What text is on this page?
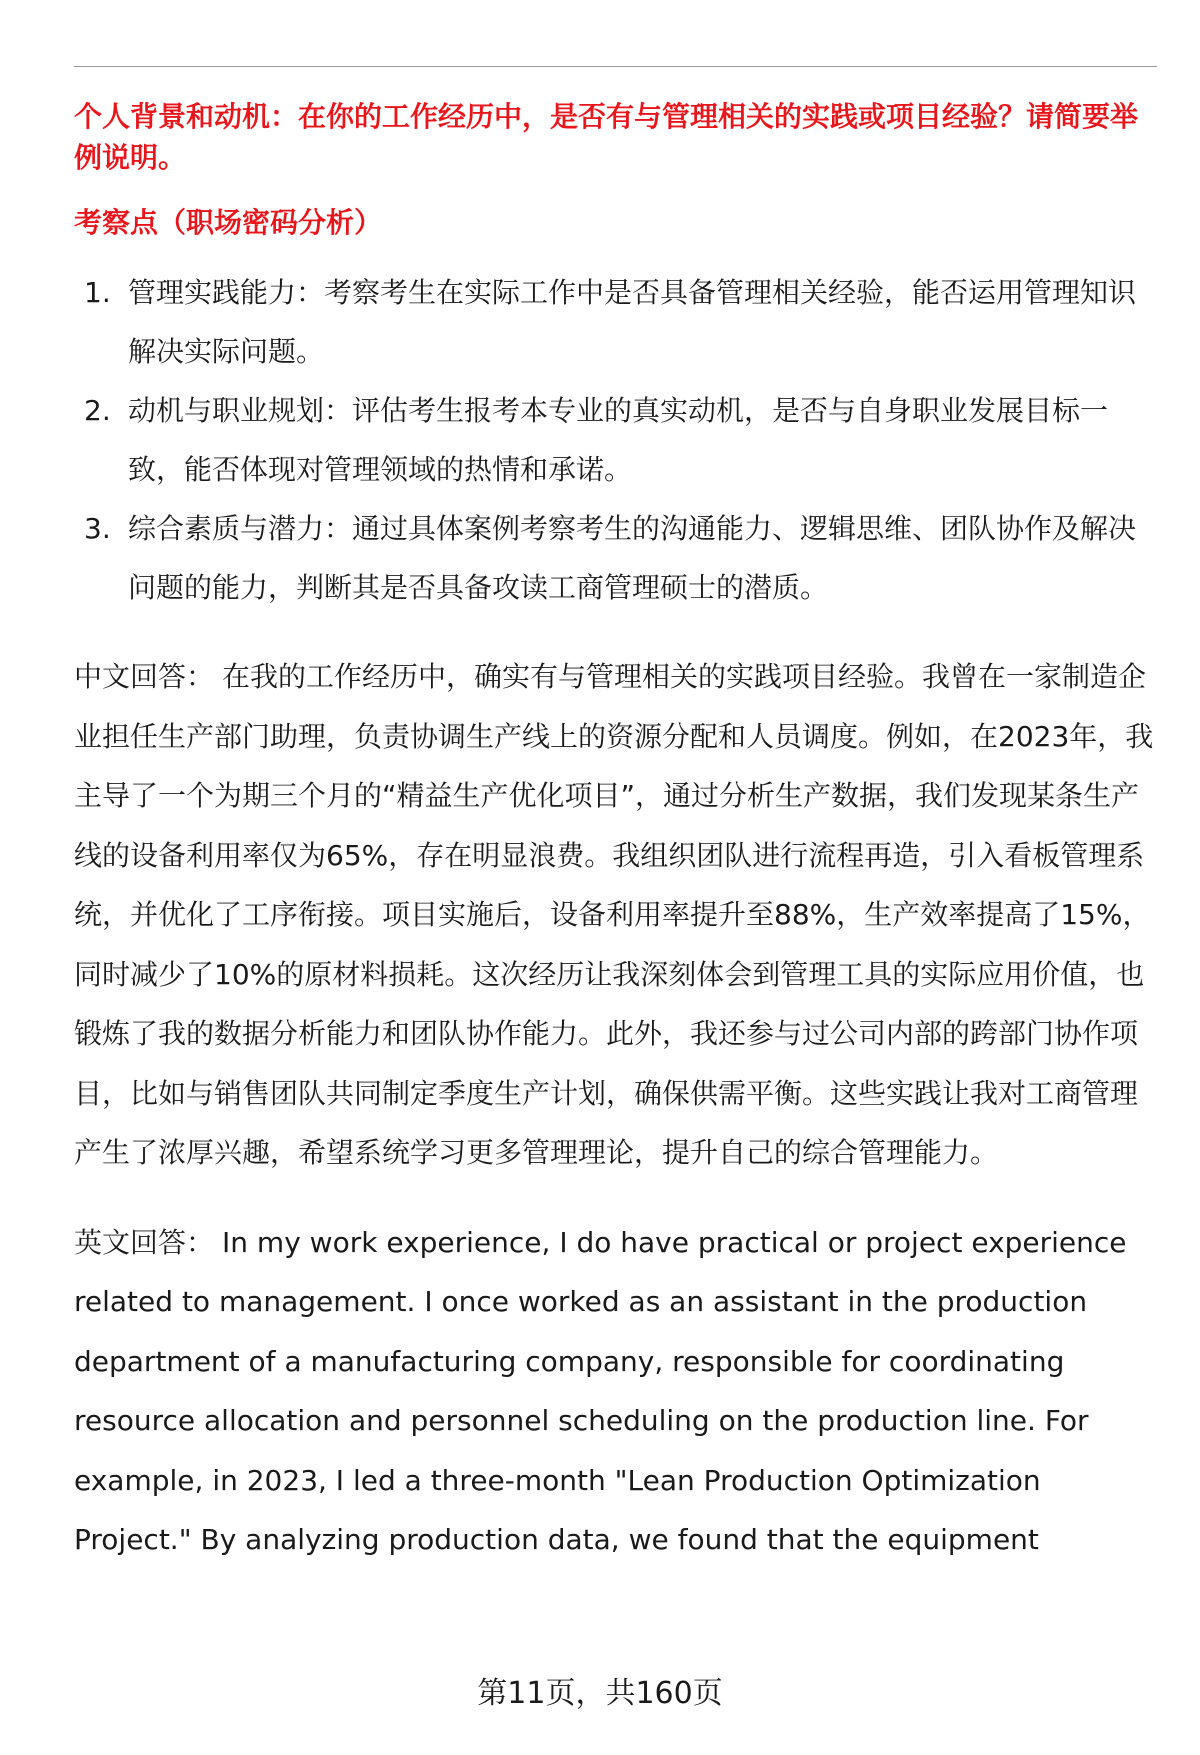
个人背景和动机：在你的工作经历中，是否有与管理相关的实践或项目经验？请简要举例说明。

考察点（职场密码分析）

1. 管理实践能力：考察考生在实际工作中是否具备管理相关经验，能否运用管理知识解决实际问题。
2. 动机与职业规划：评估考生报考本专业的真实动机，是否与自身职业发展目标一致，能否体现对管理领域的热情和承诺。
3. 综合素质与潜力：通过具体案例考察考生的沟通能力、逻辑思维、团队协作及解决问题的能力，判断其是否具备攻读工商管理硕士的潜质。

中文回答： 在我的工作经历中，确实有与管理相关的实践项目经验。我曾在一家制造企业担任生产部门助理，负责协调生产线上的资源分配和人员调度。例如，在2023年，我主导了一个为期三个月的“精益生产优化项目”，通过分析生产数据，我们发现某条生产线的设备利用率仅为65%，存在明显浪费。我组织团队进行流程再造，引入看板管理系统，并优化了工序衔接。项目实施后，设备利用率提升至88%，生产效率提高了15%，同时减少了10%的原材料损耗。这次经历让我深刻体会到管理工具的实际应用价值，也锻炼了我的数据分析能力和团队协作能力。此外，我还参与过公司内部的跨部门协作项目，比如与销售团队共同制定季度生产计划，确保供需平衡。这些实践让我对工商管理产生了浓厚兴趣，希望系统学习更多管理理论，提升自己的综合管理能力。

英文回答： In my work experience, I do have practical or project experience related to management. I once worked as an assistant in the production department of a manufacturing company, responsible for coordinating resource allocation and personnel scheduling on the production line. For example, in 2023, I led a three-month "Lean Production Optimization Project." By analyzing production data, we found that the equipment

第11页，共160页
